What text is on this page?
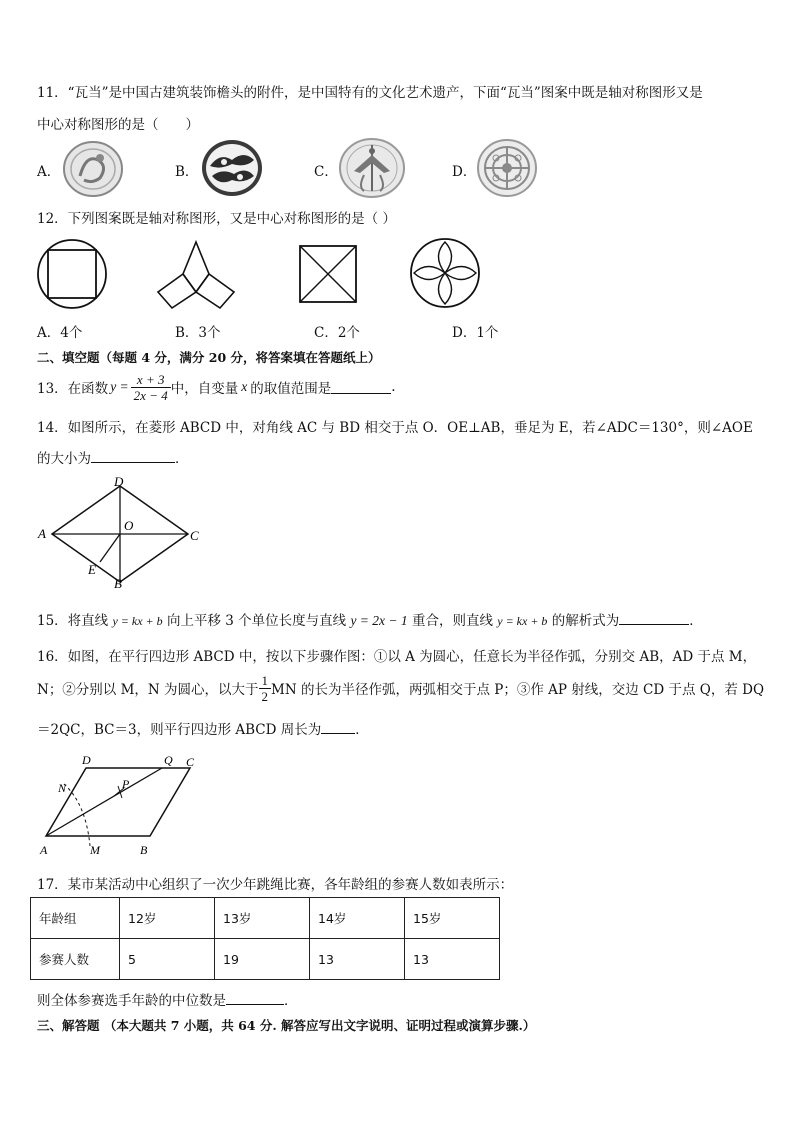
11．“瓦当”是中国古建筑装饰檐头的附件，是中国特有的文化艺术遗产，下面“瓦当”图案中既是轴对称图形又是
中心对称图形的是（　　）
A．	B．	C．	D．
12．下列图案既是轴对称图形，又是中心对称图形的是（ ）
A．4个	B．3个	C．2个	D．1个
二、填空题（每题 4 分，满分 20 分，将答案填在答题纸上）
13．在函数 $y = \frac{x + 3}{2x - 4}$ 中，自变量 x 的取值范围是	.
14．如图所示，在菱形 ABCD 中，对角线 AC 与 BD 相交于点 O．OE⊥AB，垂足为 E，若∠ADC＝130°，则∠AOE
的大小为	．
A
D
C
O
E
B
15．将直线 y = kx + b 向上平移 3 个单位长度与直线 y = 2x − 1 重合，则直线 y = kx + b 的解析式为	．
16．如图，在平行四边形 ABCD 中，按以下步骤作图：①以 A 为圆心，任意长为半径作弧，分别交 AB，AD 于点 M，
N；②分别以 M，N 为圆心，以大于 $\frac{1}{2}$ MN 的长为半径作弧，两弧相交于点 P；③作 AP 射线，交边 CD 于点 Q，若 DQ
＝2QC，BC＝3，则平行四边形 ABCD 周长为	．
A	M	B
D
N	P
Q C
17．某市某活动中心组织了一次少年跳绳比赛，各年龄组的参赛人数如表所示：
年龄组	12岁	13岁	14岁	15岁
参赛人数	5	19	13	13
则全体参赛选手年龄的中位数是	．
三、解答题 （本大题共 7 小题，共 64 分. 解答应写出文字说明、证明过程或演算步骤.）
